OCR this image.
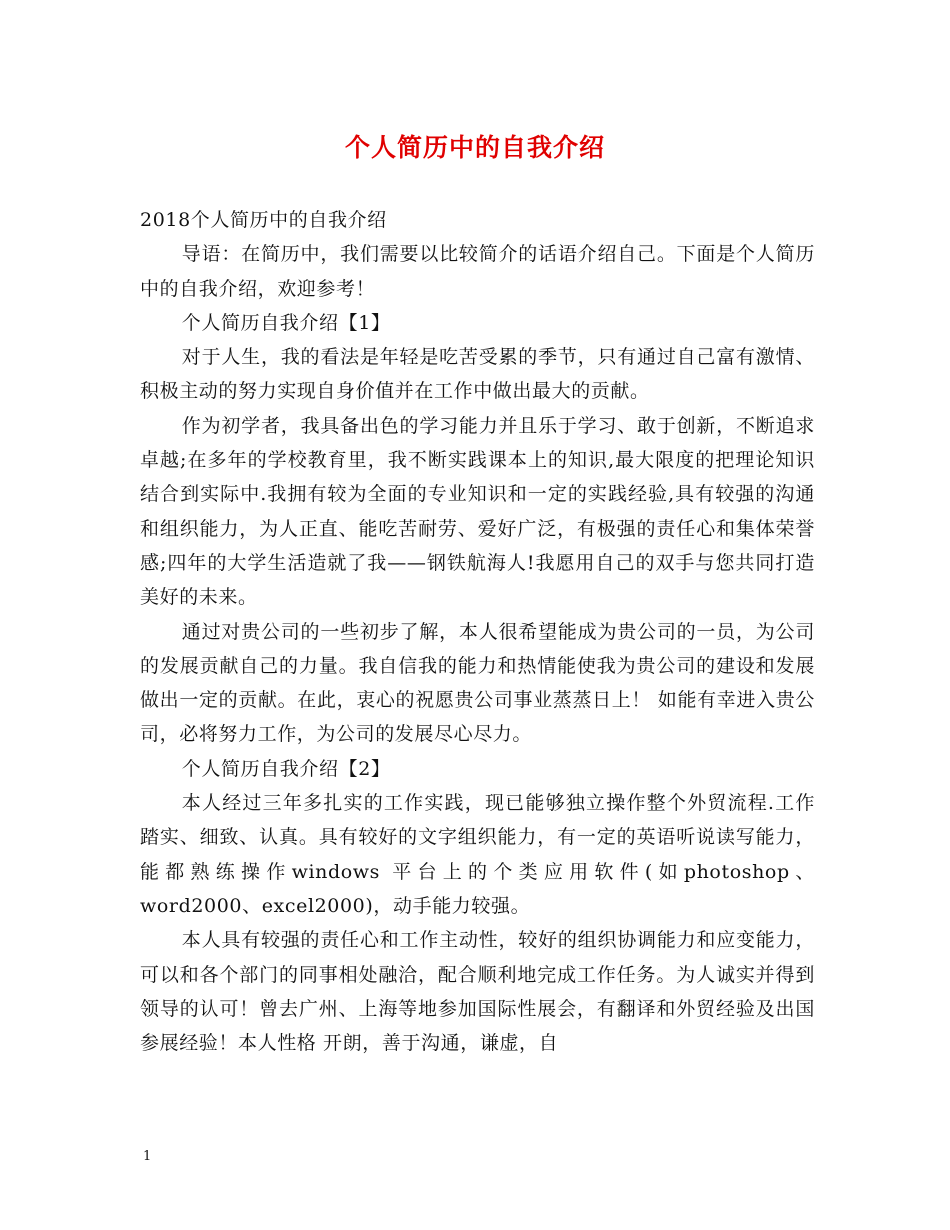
个人简历中的自我介绍

2018个人简历中的自我介绍

导语：在简历中，我们需要以比较简介的话语介绍自己。下面是个人简历中的自我介绍，欢迎参考！

个人简历自我介绍【1】

对于人生，我的看法是年轻是吃苦受累的季节，只有通过自己富有激情、积极主动的努力实现自身价值并在工作中做出最大的贡献。

作为初学者，我具备出色的学习能力并且乐于学习、敢于创新，不断追求卓越;在多年的学校教育里，我不断实践课本上的知识,最大限度的把理论知识结合到实际中.我拥有较为全面的专业知识和一定的实践经验,具有较强的沟通和组织能力，为人正直、能吃苦耐劳、爱好广泛，有极强的责任心和集体荣誉感;四年的大学生活造就了我——钢铁航海人!我愿用自己的双手与您共同打造美好的未来。

通过对贵公司的一些初步了解，本人很希望能成为贵公司的一员，为公司的发展贡献自己的力量。我自信我的能力和热情能使我为贵公司的建设和发展做出一定的贡献。在此，衷心的祝愿贵公司事业蒸蒸日上！ 如能有幸进入贵公司，必将努力工作，为公司的发展尽心尽力。

个人简历自我介绍【2】

本人经过三年多扎实的工作实践，现已能够独立操作整个外贸流程.工作踏实、细致、认真。具有较好的文字组织能力，有一定的英语听说读写能力，能都熟练操作windows 平台上的个类应用软件(如photoshop、word2000、excel2000)，动手能力较强。

本人具有较强的责任心和工作主动性，较好的组织协调能力和应变能力，可以和各个部门的同事相处融洽，配合顺利地完成工作任务。为人诚实并得到领导的认可！曾去广州、上海等地参加国际性展会，有翻译和外贸经验及出国参展经验！本人性格 开朗，善于沟通，谦虚，自

1
